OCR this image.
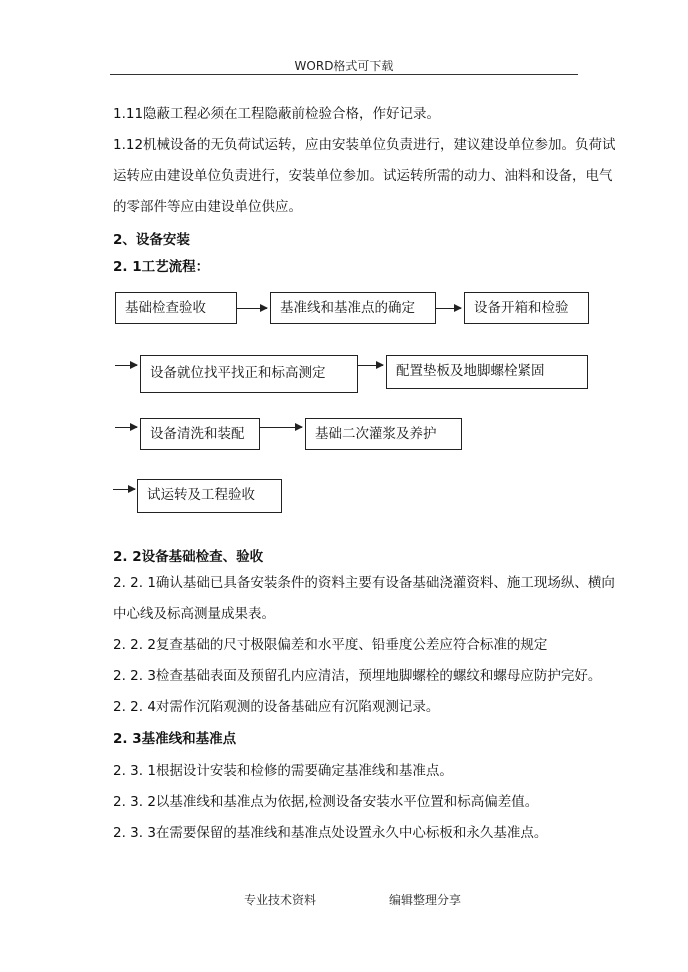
WORD格式可下载
1.11隐蔽工程必须在工程隐蔽前检验合格，作好记录。
1.12机械设备的无负荷试运转，应由安装单位负责进行，建议建设单位参加。负荷试
运转应由建设单位负责进行，安装单位参加。试运转所需的动力、油料和设备，电气
的零部件等应由建设单位供应。
2、设备安装
2. 1工艺流程：
基础检查验收	基准线和基准点的确定	设备开箱和检验
设备就位找平找正和标高测定	配置垫板及地脚螺栓紧固
设备清洗和装配	基础二次灌浆及养护
试运转及工程验收
2. 2设备基础检查、验收
2. 2. 1确认基础已具备安装条件的资料主要有设备基础浇灌资料、施工现场纵、横向
中心线及标高测量成果表。
2. 2. 2复查基础的尺寸极限偏差和水平度、铅垂度公差应符合标准的规定
2. 2. 3检查基础表面及预留孔内应清洁，预埋地脚螺栓的螺纹和螺母应防护完好。
2. 2. 4对需作沉陷观测的设备基础应有沉陷观测记录。
2. 3基准线和基准点
2. 3. 1根据设计安装和检修的需要确定基准线和基准点。
2. 3. 2以基准线和基准点为依据,检测设备安装水平位置和标高偏差值。
2. 3. 3在需要保留的基准线和基准点处设置永久中心标板和永久基准点。
专业技术资料	编辑整理分享
